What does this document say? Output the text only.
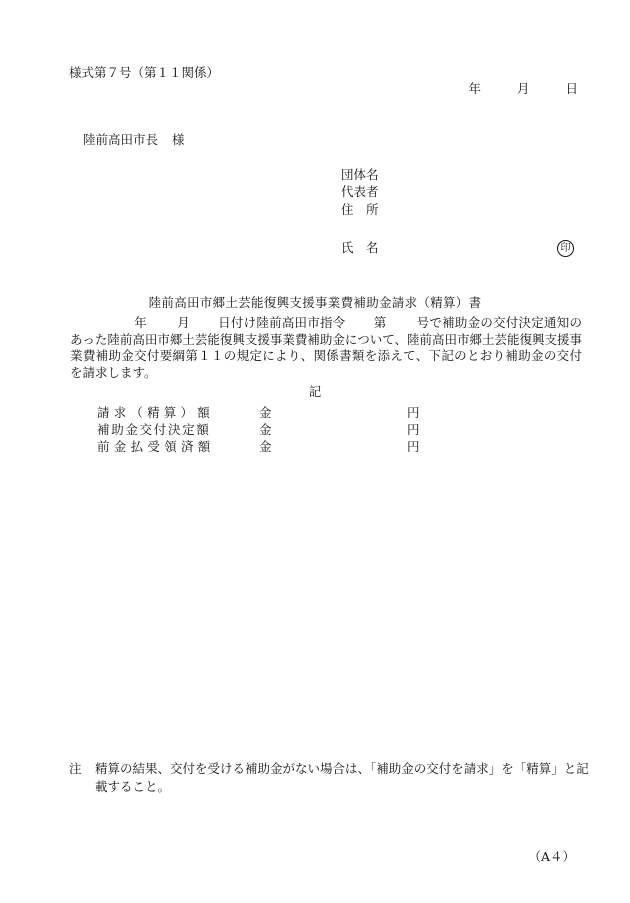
様式第７号（第１１関係）
年	月	日
陸前高田市長 様
団体名
代表者
住　所
氏　名	印
陸前高田市郷土芸能復興支援事業費補助金請求（精算）書
年 月 日付け陸前高田市指令 第 号で補助金の交付決定通知のあった陸前高田市郷土芸能復興支援事業費補助金について、陸前高田市郷土芸能復興支援事業費補助金交付要綱第１１の規定により、関係書類を添えて、下記のとおり補助金の交付を請求します。
記
請求（精算）額	金	円
補助金交付決定額	金	円
前金払受領済額	金	円
注 精算の結果、交付を受ける補助金がない場合は、「補助金の交付を請求」を「精算」と記載すること。
（A４）
